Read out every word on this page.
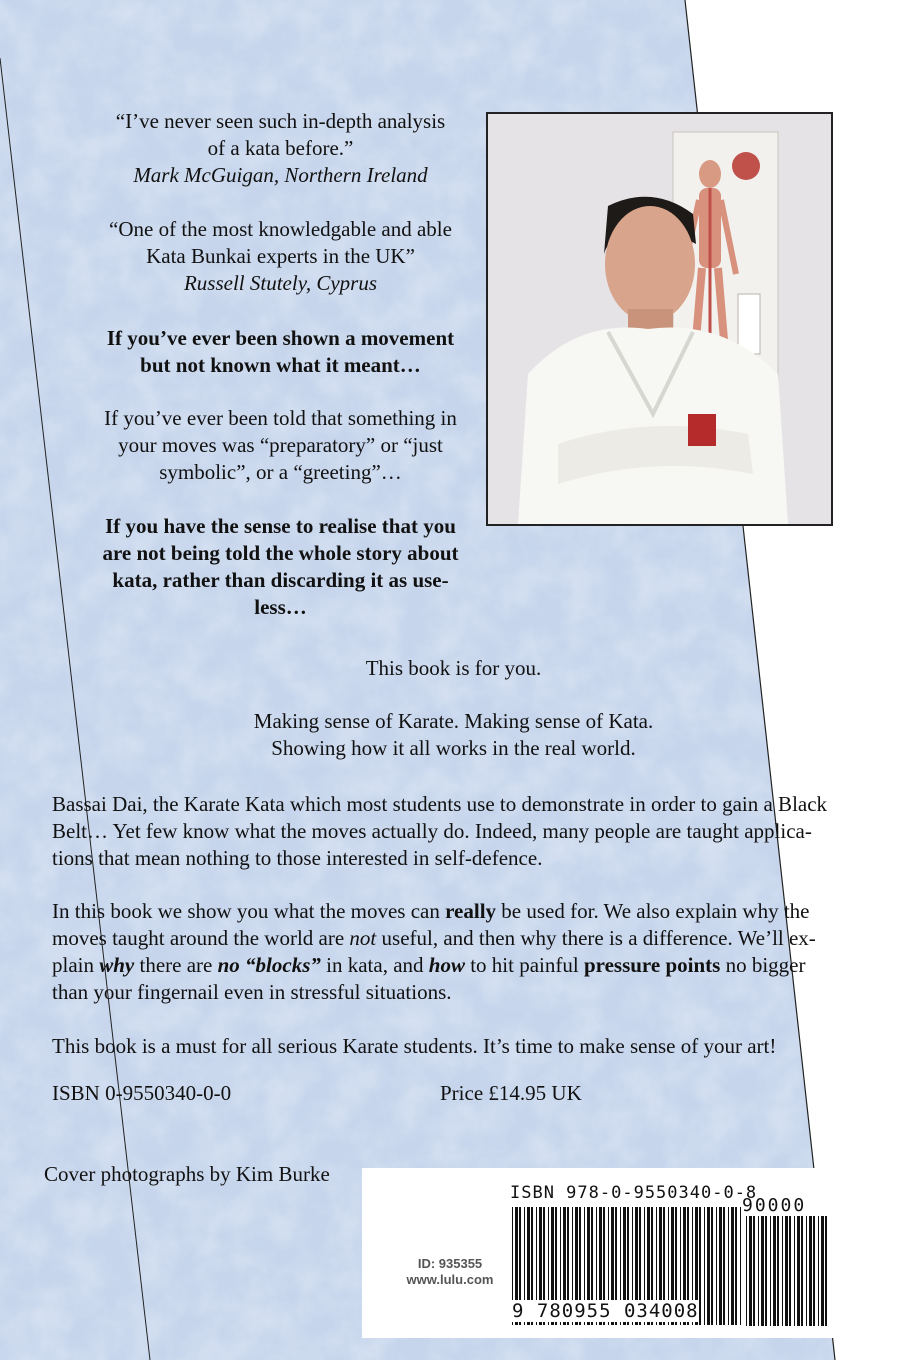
“I’ve never seen such in-depth analysis

of a kata before.”

Mark McGuigan, Northern Ireland

“One of the most knowledgable and able

Kata Bunkai experts in the UK”

Russell Stutely, Cyprus

If you’ve ever been shown a movement

but not known what it meant…

If you’ve ever been told that something in

your moves was “preparatory” or “just

symbolic”, or a “greeting”…

If you have the sense to realise that you

are not being told the whole story about

kata, rather than discarding it as use-

less…

This book is for you.
Making sense of Karate. Making sense of Kata.
Showing how it all works in the real world.

Bassai Dai, the Karate Kata which most students use to demonstrate in order to gain a Black

Belt… Yet few know what the moves actually do. Indeed, many people are taught applica-

tions that mean nothing to those interested in self-defence.

In this book we show you what the moves can really be used for. We also explain why the

moves taught around the world are not useful, and then why there is a difference. We’ll ex-

plain why there are no “blocks” in kata, and how to hit painful pressure points no bigger

than your fingernail even in stressful situations.

This book is a must for all serious Karate students. It’s time to make sense of your art!
ISBN 0-9550340-0-0	Price £14.95 UK
Cover photographs by Kim Burke
ISBN 978-0-9550340-0-8
90000
9 780955 034008
ID: 935355
www.lulu.com
